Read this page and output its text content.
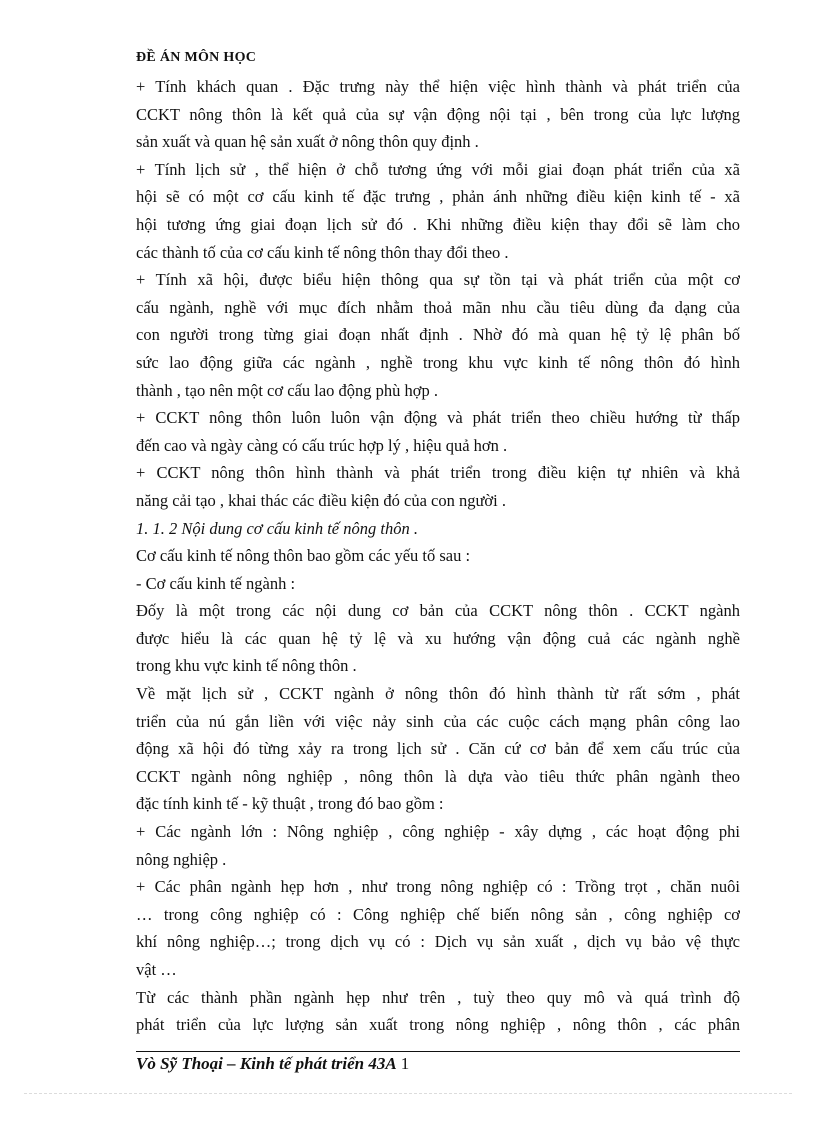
ĐỀ ÁN MÔN HỌC
+ Tính khách quan . Đặc trưng này thể hiện việc hình thành và phát triển của
CCKT nông thôn là kết quả của sự vận động nội tại , bên trong của lực lượng
sản xuất và quan hệ sản xuất ở nông thôn quy định .
+ Tính lịch sử , thể hiện ở chỗ tương ứng với mỗi giai đoạn phát triển của xã
hội sẽ có một cơ cấu kinh tế đặc trưng , phản ánh những điều kiện kinh tế - xã
hội tương ứng giai đoạn lịch sử đó . Khi những điều kiện thay đổi sẽ làm cho
các thành tố của cơ cấu kinh tế nông thôn thay đổi theo .
+ Tính xã hội, được biểu hiện thông qua sự tồn tại và phát triển của một cơ
cấu ngành, nghề với mục đích nhằm thoả mãn nhu cầu tiêu dùng đa dạng của
con người trong từng giai đoạn nhất định . Nhờ đó mà quan hệ tỷ lệ phân bố
sức lao động giữa các ngành , nghề trong khu vực kinh tế nông thôn đó hình
thành , tạo nên một cơ cấu lao động phù hợp .
+ CCKT nông thôn luôn luôn vận động và phát triển theo chiều hướng từ thấp
đến cao và ngày càng có cấu trúc hợp lý , hiệu quả hơn .
+ CCKT nông thôn hình thành và phát triển trong điều kiện tự nhiên và khả
năng cải tạo , khai thác các điều kiện đó của con người .
1. 1. 2 Nội dung cơ cấu kinh tế nông thôn .
Cơ cấu kinh tế nông thôn bao gồm các yếu tố sau :
- Cơ cấu kinh tế ngành :
Đốy là một trong các nội dung cơ bản của CCKT nông thôn . CCKT ngành
được hiểu là các quan hệ tỷ lệ và xu hướng vận động cuả các ngành nghề
trong khu vực kinh tế nông thôn .
Về mặt lịch sử , CCKT ngành ở nông thôn đó hình thành từ rất sớm , phát
triển của nú gắn liền với việc nảy sinh của các cuộc cách mạng phân công lao
động xã hội đó từng xảy ra trong lịch sử . Căn cứ cơ bản để xem cấu trúc của
CCKT ngành nông nghiệp , nông thôn là dựa vào tiêu thức phân ngành theo
đặc tính kinh tế - kỹ thuật , trong đó bao gồm :
+ Các ngành lớn : Nông nghiệp , công nghiệp - xây dựng , các hoạt động phi
nông nghiệp .
+ Các phân ngành hẹp hơn , như trong nông nghiệp có : Trồng trọt , chăn nuôi
… trong công nghiệp có : Công nghiệp chế biến nông sản , công nghiệp cơ
khí nông nghiệp…; trong dịch vụ có : Dịch vụ sản xuất , dịch vụ bảo vệ thực
vật …
Từ các thành phần ngành hẹp như trên , tuỳ theo quy mô và quá trình độ
phát triển của lực lượng sản xuất trong nông nghiệp , nông thôn , các phân
Vò Sỹ Thoại – Kinh tế phát triển 43A 1
